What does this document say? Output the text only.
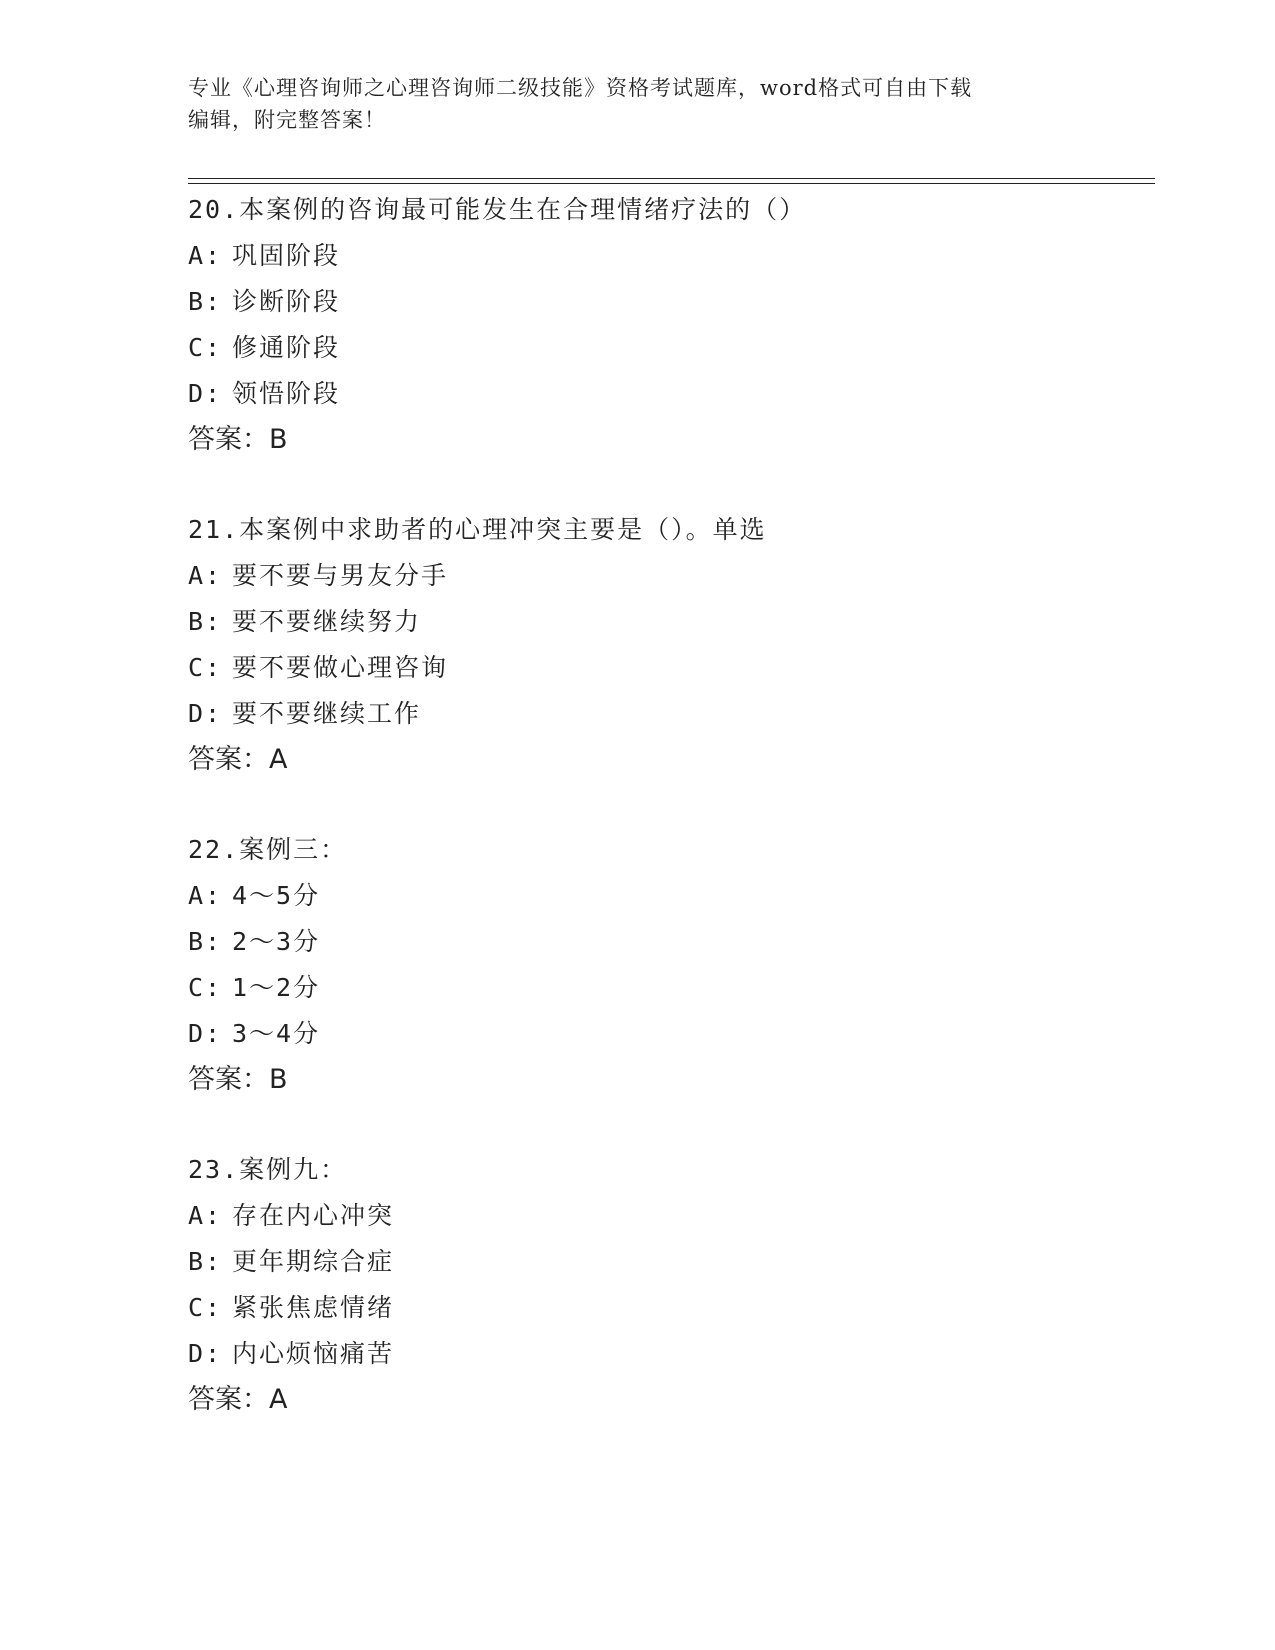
专业《心理咨询师之心理咨询师二级技能》资格考试题库，word格式可自由下载
编辑，附完整答案！
20.本案例的咨询最可能发生在合理情绪疗法的（）
A: 巩固阶段
B: 诊断阶段
C: 修通阶段
D: 领悟阶段
答案：B
21.本案例中求助者的心理冲突主要是（）。单选
A: 要不要与男友分手
B: 要不要继续努力
C: 要不要做心理咨询
D: 要不要继续工作
答案：A
22.案例三：
A: 4～5分
B: 2～3分
C: 1～2分
D: 3～4分
答案：B
23.案例九：
A: 存在内心冲突
B: 更年期综合症
C: 紧张焦虑情绪
D: 内心烦恼痛苦
答案：A
